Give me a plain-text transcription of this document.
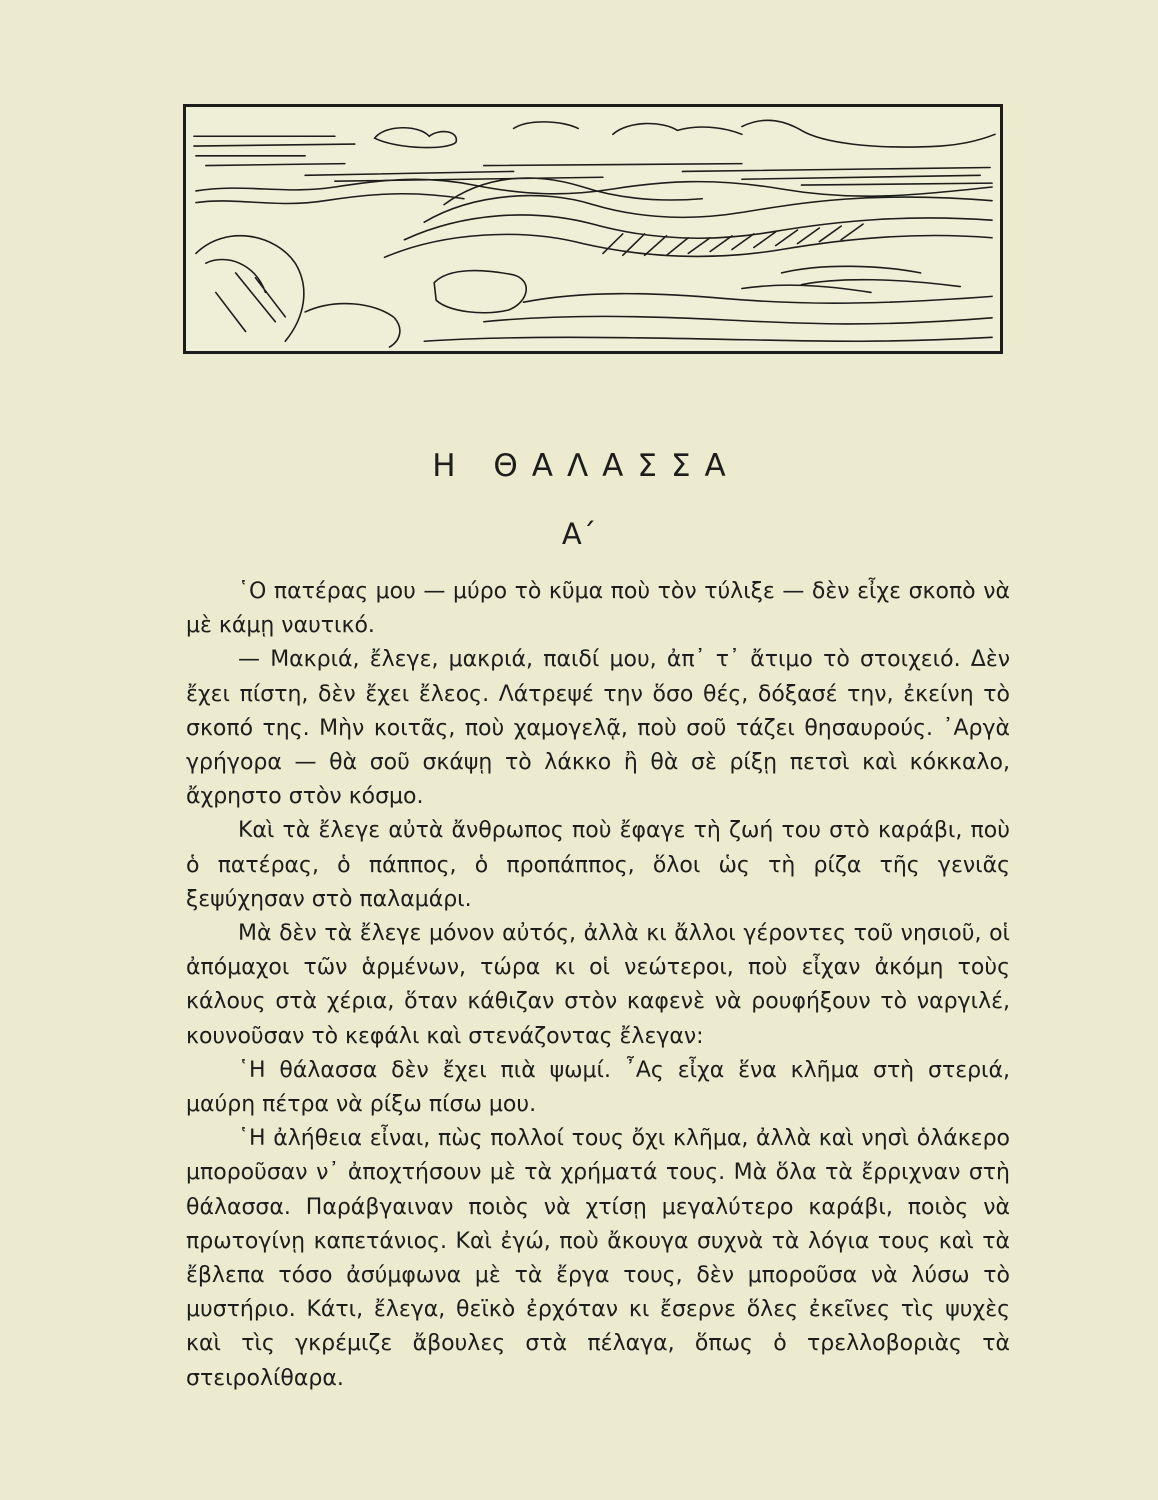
Η ΘΑΛΑΣΣΑ
Α΄

῾Ο πατέρας μου — μύρο τὸ κῦμα ποὺ τὸν τύλιξε — δὲν εἶχε σκοπὸ νὰ μὲ κάμῃ ναυτικό.

— Μακριά, ἔλεγε, μακριά, παιδί μου, ἀπ᾽ τ᾽ ἄτιμο τὸ στοιχειό. Δὲν ἔχει πίστη, δὲν ἔχει ἔλεος. Λάτρεψέ την ὅσο θές, δόξασέ την, ἐκείνη τὸ σκοπό της. Μὴν κοιτᾶς, ποὺ χαμογελᾷ, ποὺ σοῦ τάζει θησαυρούς. ᾿Αργὰ γρήγορα — θὰ σοῦ σκάψῃ τὸ λάκκο ἢ θὰ σὲ ρίξῃ πετσὶ καὶ κόκκαλο, ἄχρηστο στὸν κόσμο.

Καὶ τὰ ἔλεγε αὐτὰ ἄνθρωπος ποὺ ἔφαγε τὴ ζωή του στὸ καράβι, ποὺ ὁ πατέρας, ὁ πάππος, ὁ προπάππος, ὅλοι ὡς τὴ ρίζα τῆς γενιᾶς ξεψύχησαν στὸ παλαμάρι.

Μὰ δὲν τὰ ἔλεγε μόνον αὐτός, ἀλλὰ κι ἄλλοι γέροντες τοῦ νησιοῦ, οἱ ἀπόμαχοι τῶν ἁρμένων, τώρα κι οἱ νεώτεροι, ποὺ εἶχαν ἀκόμη τοὺς κάλους στὰ χέρια, ὅταν κάθιζαν στὸν καφενὲ νὰ ρουφήξουν τὸ ναργιλέ, κουνοῦσαν τὸ κεφάλι καὶ στενάζοντας ἔλεγαν:

῾Η θάλασσα δὲν ἔχει πιὰ ψωμί. ῏Ας εἶχα ἕνα κλῆμα στὴ στεριά, μαύρη πέτρα νὰ ρίξω πίσω μου.

῾Η ἀλήθεια εἶναι, πὼς πολλοί τους ὄχι κλῆμα, ἀλλὰ καὶ νησὶ ὁλάκερο μποροῦσαν ν᾽ ἀποχτήσουν μὲ τὰ χρήματά τους. Μὰ ὅλα τὰ ἔρριχναν στὴ θάλασσα. Παράβγαιναν ποιὸς νὰ χτίσῃ μεγαλύτερο καράβι, ποιὸς νὰ πρωτογίνῃ καπετάνιος. Καὶ ἐγώ, ποὺ ἄκουγα συχνὰ τὰ λόγια τους καὶ τὰ ἔβλεπα τόσο ἀσύμφωνα μὲ τὰ ἔργα τους, δὲν μποροῦσα νὰ λύσω τὸ μυστήριο. Κάτι, ἔλεγα, θεϊκὸ ἐρχόταν κι ἔσερνε ὅλες ἐκεῖνες τὶς ψυχὲς καὶ τὶς γκρέμιζε ἄβουλες στὰ πέλαγα, ὅπως ὁ τρελλοβοριὰς τὰ στειρολίθαρα.
